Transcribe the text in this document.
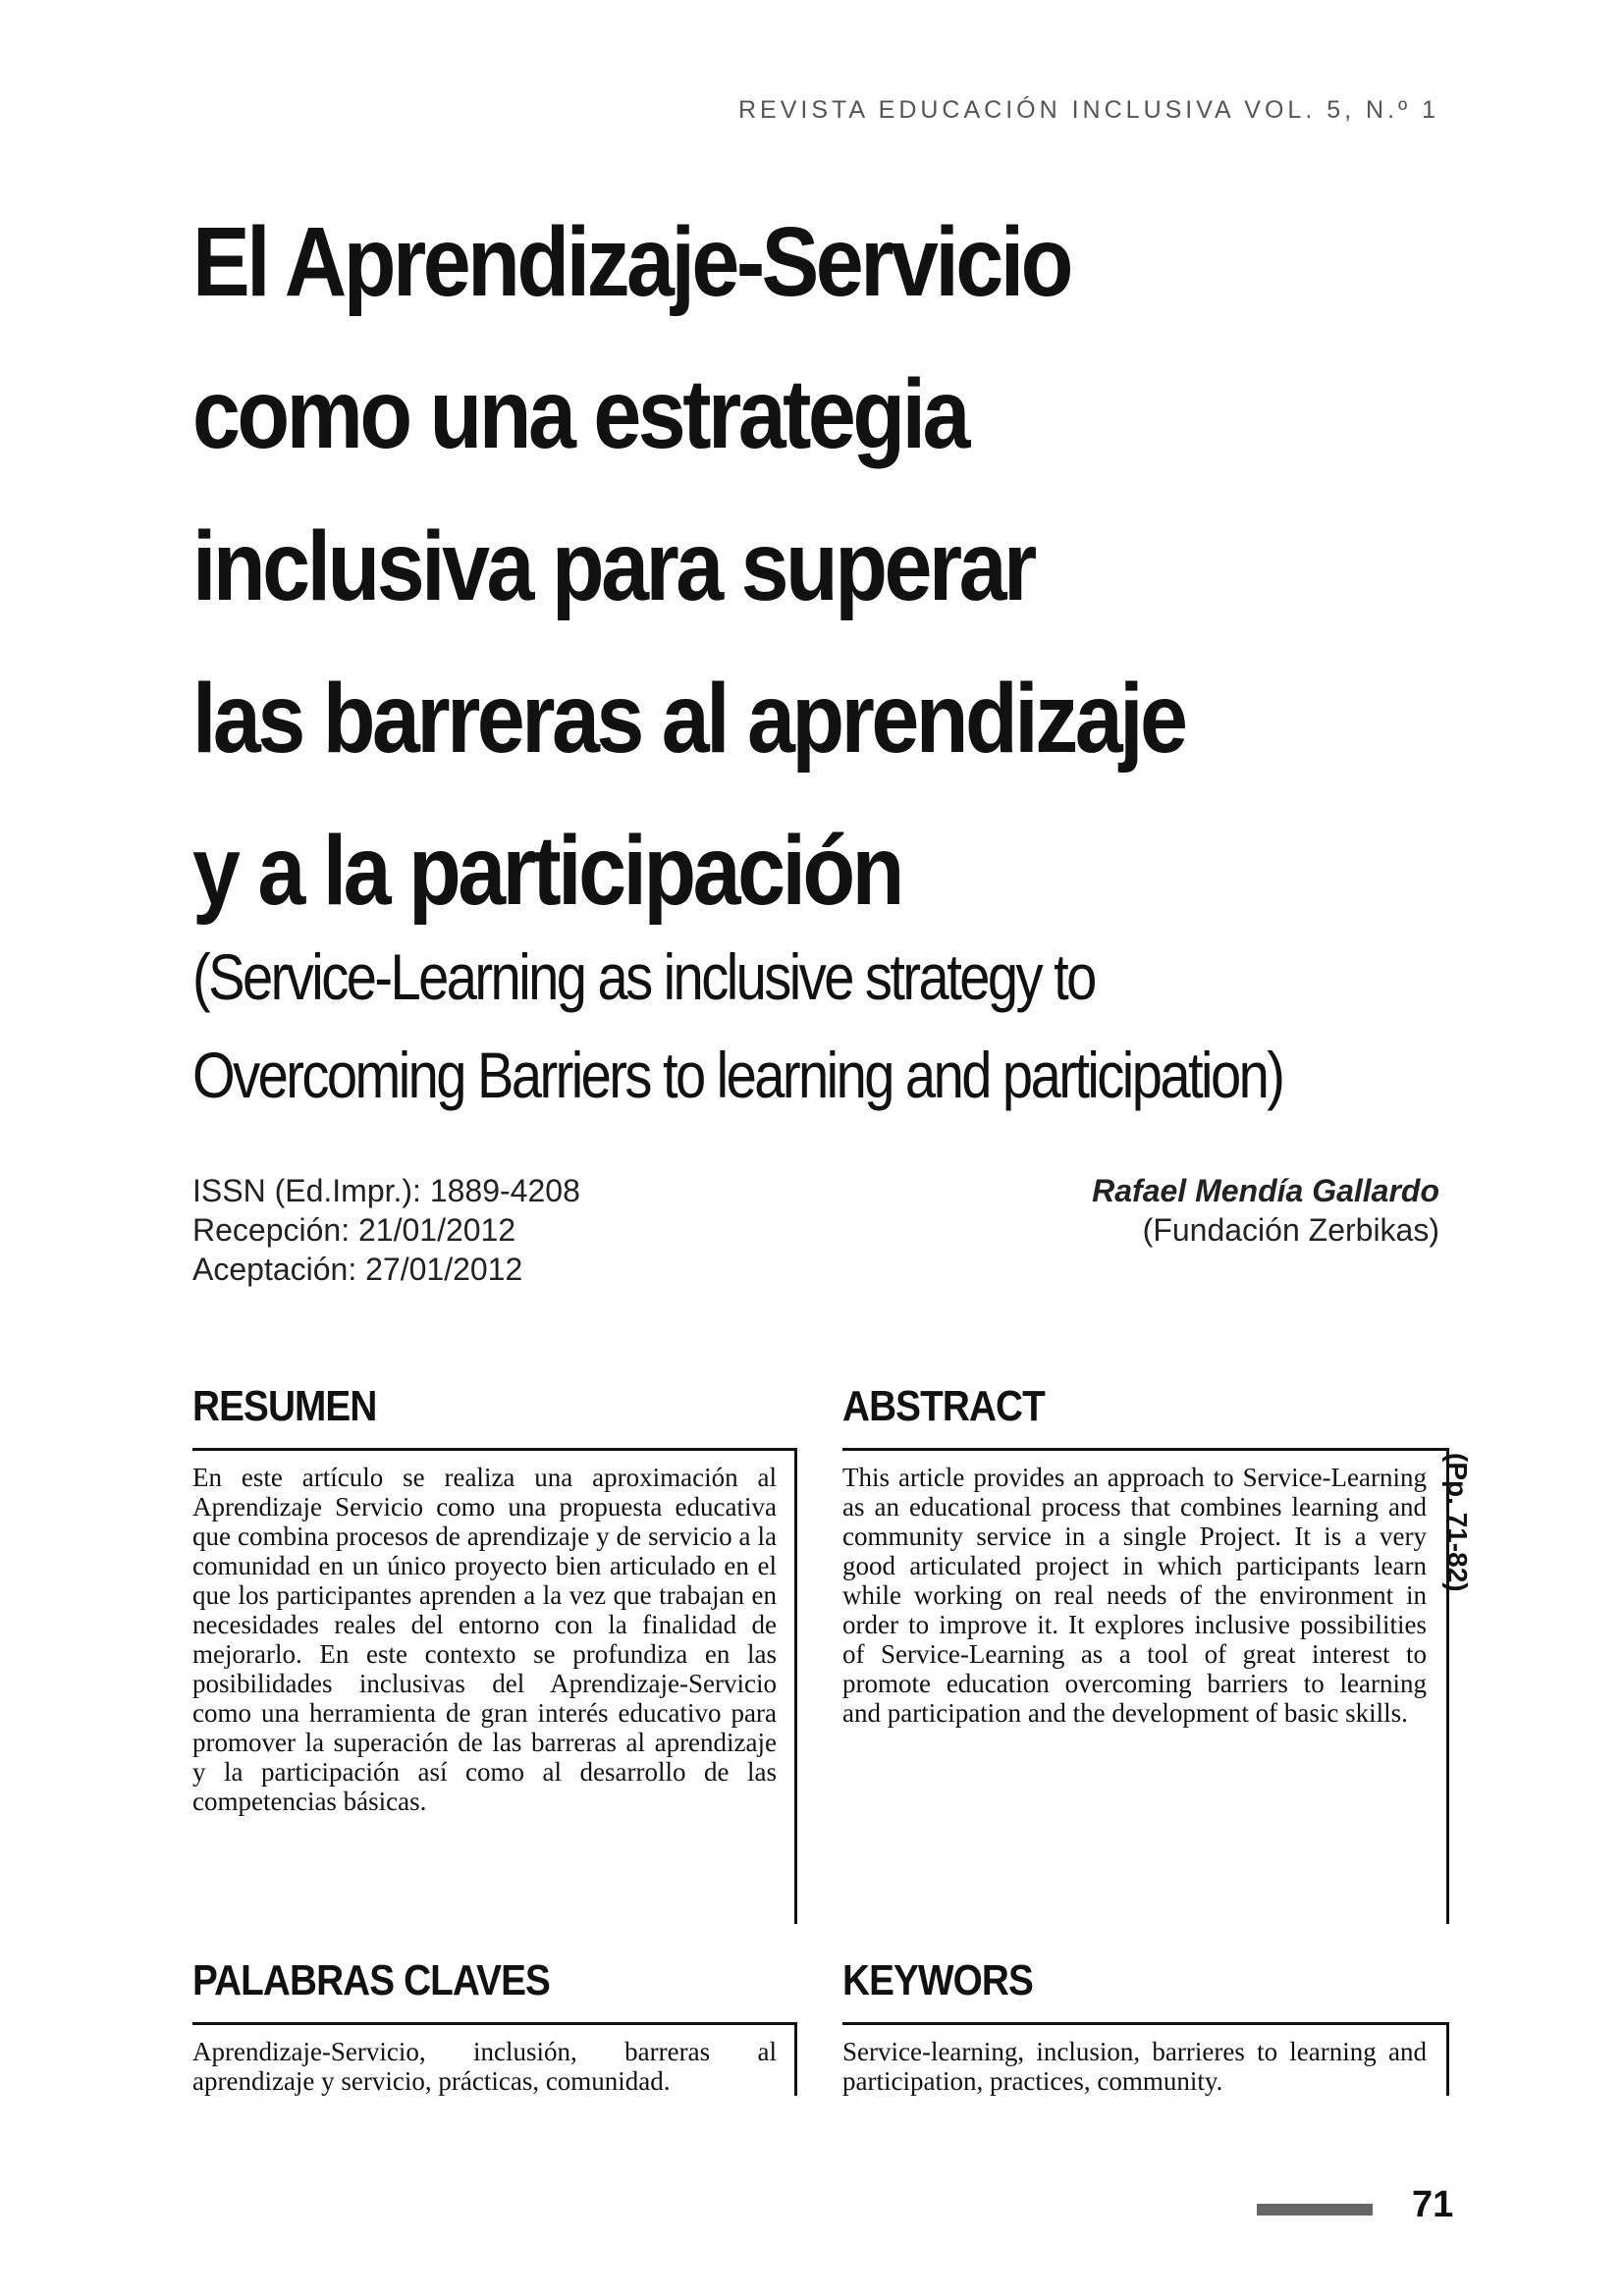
REVISTA EDUCACIÓN INCLUSIVA VOL. 5, N.º 1
El Aprendizaje-Servicio
como una estrategia
inclusiva para superar
las barreras al aprendizaje
y a la participación
(Service-Learning as inclusive strategy to
Overcoming Barriers to learning and participation)
ISSN (Ed.Impr.): 1889-4208
Recepción: 21/01/2012
Aceptación: 27/01/2012
Rafael Mendía Gallardo
(Fundación Zerbikas)
RESUMEN
En este artículo se realiza una aproximación al Aprendizaje Servicio como una propuesta educativa que combina procesos de aprendizaje y de servicio a la comunidad en un único proyecto bien articulado en el que los participantes aprenden a la vez que trabajan en necesidades reales del entorno con la finalidad de mejorarlo. En este contexto se profundiza en las posibilidades inclusivas del Aprendizaje-Servicio como una herramienta de gran interés educativo para promover la superación de las barreras al aprendizaje y la participación así como al desarrollo de las competencias básicas.
ABSTRACT
This article provides an approach to Service-Learning as an educational process that combines learning and community service in a single Project. It is a very good articulated project in which participants learn while working on real needs of the environment in order to improve it. It explores inclusive possibilities of Service-Learning as a tool of great interest to promote education overcoming barriers to learning and participation and the development of basic skills.
PALABRAS CLAVES
Aprendizaje-Servicio, inclusión, barreras al aprendizaje y servicio, prácticas, comunidad.
KEYWORS
Service-learning, inclusion, barrieres to learning and participation, practices, community.
(Pp. 71-82)
71
